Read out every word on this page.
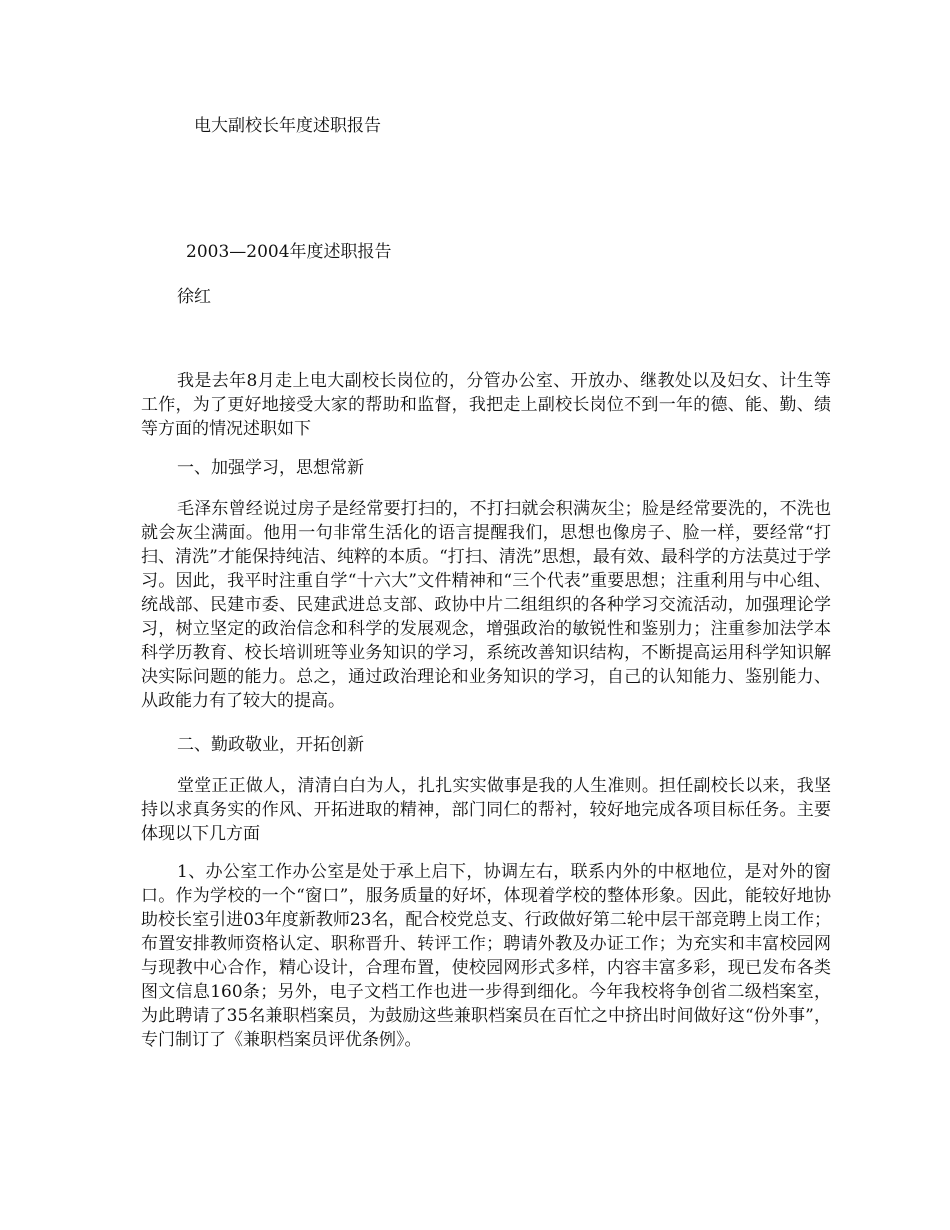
电大副校长年度述职报告
2003—2004年度述职报告
徐红
我是去年8月走上电大副校长岗位的，分管办公室、开放办、继教处以及妇女、计生等工作，为了更好地接受大家的帮助和监督，我把走上副校长岗位不到一年的德、能、勤、绩等方面的情况述职如下
一、加强学习，思想常新
毛泽东曾经说过房子是经常要打扫的，不打扫就会积满灰尘；脸是经常要洗的，不洗也就会灰尘满面。他用一句非常生活化的语言提醒我们，思想也像房子、脸一样，要经常“打扫、清洗”才能保持纯洁、纯粹的本质。“打扫、清洗”思想，最有效、最科学的方法莫过于学习。因此，我平时注重自学“十六大”文件精神和“三个代表”重要思想；注重利用与中心组、统战部、民建市委、民建武进总支部、政协中片二组组织的各种学习交流活动，加强理论学习，树立坚定的政治信念和科学的发展观念，增强政治的敏锐性和鉴别力；注重参加法学本科学历教育、校长培训班等业务知识的学习，系统改善知识结构，不断提高运用科学知识解决实际问题的能力。总之，通过政治理论和业务知识的学习，自己的认知能力、鉴别能力、从政能力有了较大的提高。
二、勤政敬业，开拓创新
堂堂正正做人，清清白白为人，扎扎实实做事是我的人生准则。担任副校长以来，我坚持以求真务实的作风、开拓进取的精神，部门同仁的帮衬，较好地完成各项目标任务。主要体现以下几方面
1、办公室工作办公室是处于承上启下，协调左右，联系内外的中枢地位，是对外的窗口。作为学校的一个“窗口”，服务质量的好坏，体现着学校的整体形象。因此，能较好地协助校长室引进03年度新教师23名，配合校党总支、行政做好第二轮中层干部竞聘上岗工作；布置安排教师资格认定、职称晋升、转评工作；聘请外教及办证工作；为充实和丰富校园网与现教中心合作，精心设计，合理布置，使校园网形式多样，内容丰富多彩，现已发布各类图文信息160条；另外，电子文档工作也进一步得到细化。今年我校将争创省二级档案室，为此聘请了35名兼职档案员，为鼓励这些兼职档案员在百忙之中挤出时间做好这“份外事”，专门制订了《兼职档案员评优条例》。
